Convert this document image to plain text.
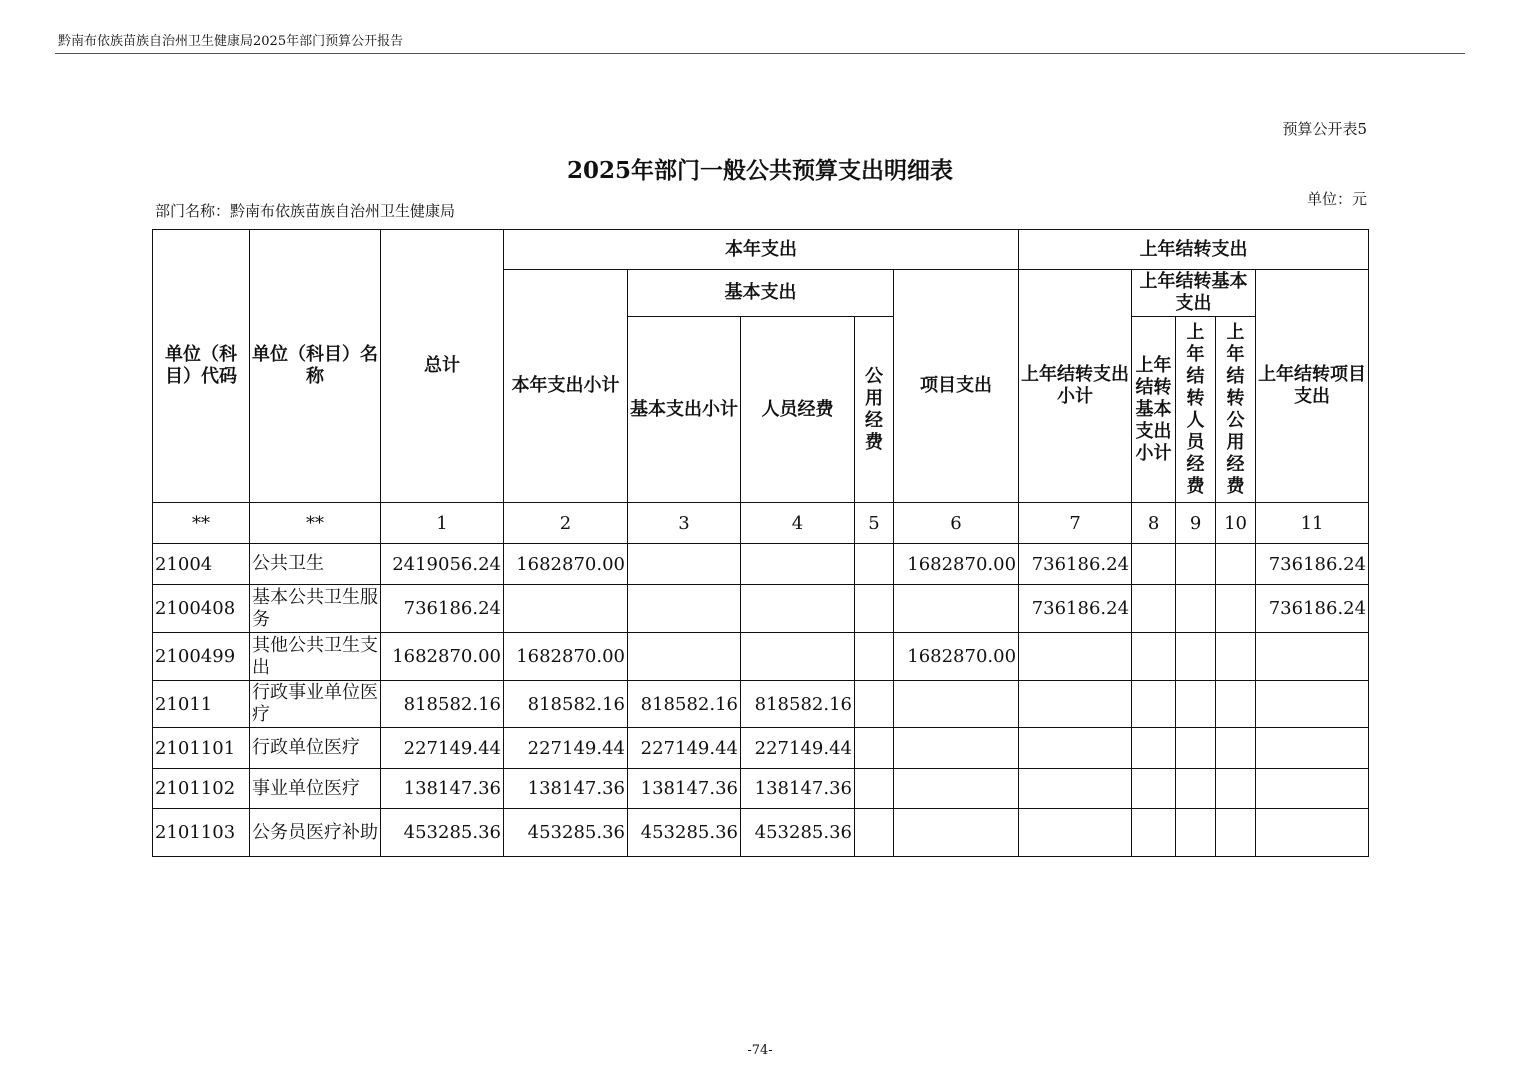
黔南布依族苗族自治州卫生健康局2025年部门预算公开报告
预算公开表5
2025年部门一般公共预算支出明细表
单位：元
部门名称：黔南布依族苗族自治州卫生健康局
单位（科目）代码	单位（科目）名称	总计	本年支出					上年结转支出				
			本年支出小计	基本支出			项目支出	上年结转支出小计	上年结转基本支出			上年结转项目支出
				基本支出小计	人员经费	公用经费			上年结转基本支出小计	上年结转人员经费	上年结转公用经费	
**	**	1	2	3	4	5	6	7	8	9	10	11
21004	公共卫生	2419056.24	1682870.00				1682870.00	736186.24				736186.24
2100408	基本公共卫生服务	736186.24						736186.24				736186.24
2100499	其他公共卫生支出	1682870.00	1682870.00				1682870.00					
21011	行政事业单位医疗	818582.16	818582.16	818582.16	818582.16							
2101101	行政单位医疗	227149.44	227149.44	227149.44	227149.44							
2101102	事业单位医疗	138147.36	138147.36	138147.36	138147.36							
2101103	公务员医疗补助	453285.36	453285.36	453285.36	453285.36							
-74-
